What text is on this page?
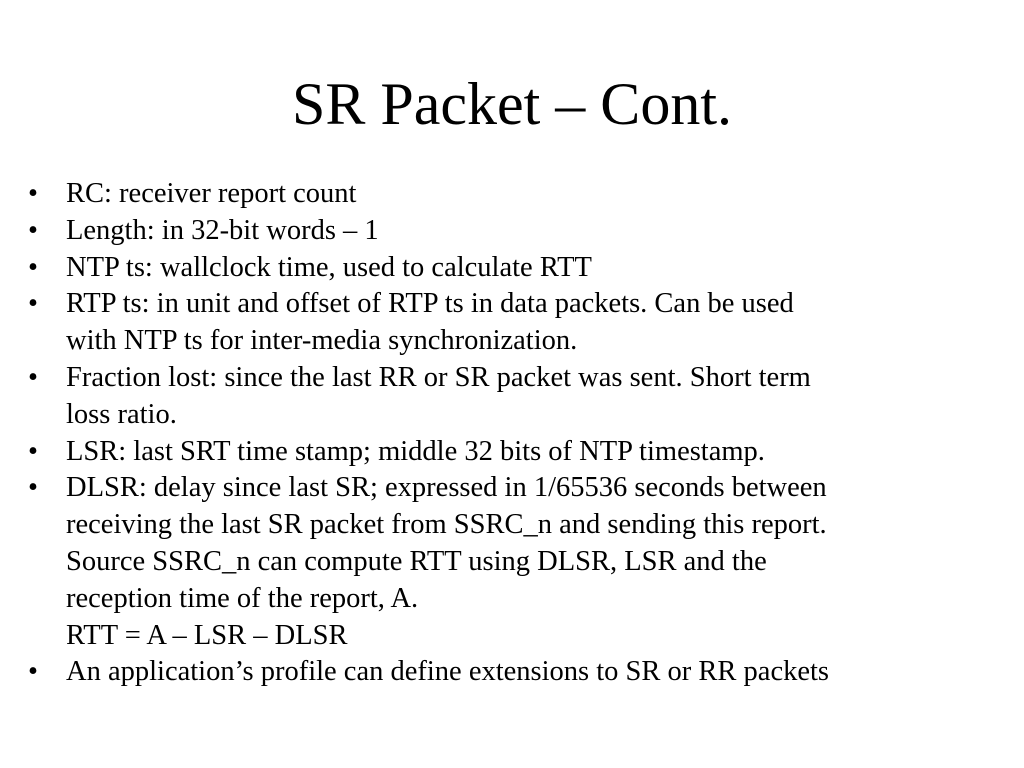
SR Packet – Cont.
• RC: receiver report count
• Length: in 32-bit words – 1
• NTP ts: wallclock time, used to calculate RTT
• RTP ts: in unit and offset of RTP ts in data packets. Can be used
with NTP ts for inter-media synchronization.
• Fraction lost: since the last RR or SR packet was sent. Short term
loss ratio.
• LSR: last SRT time stamp; middle 32 bits of NTP timestamp.
• DLSR: delay since last SR; expressed in 1/65536 seconds between
receiving the last SR packet from SSRC_n and sending this report.
Source SSRC_n can compute RTT using DLSR, LSR and the
reception time of the report, A.
RTT = A – LSR – DLSR
• An application’s profile can define extensions to SR or RR packets
